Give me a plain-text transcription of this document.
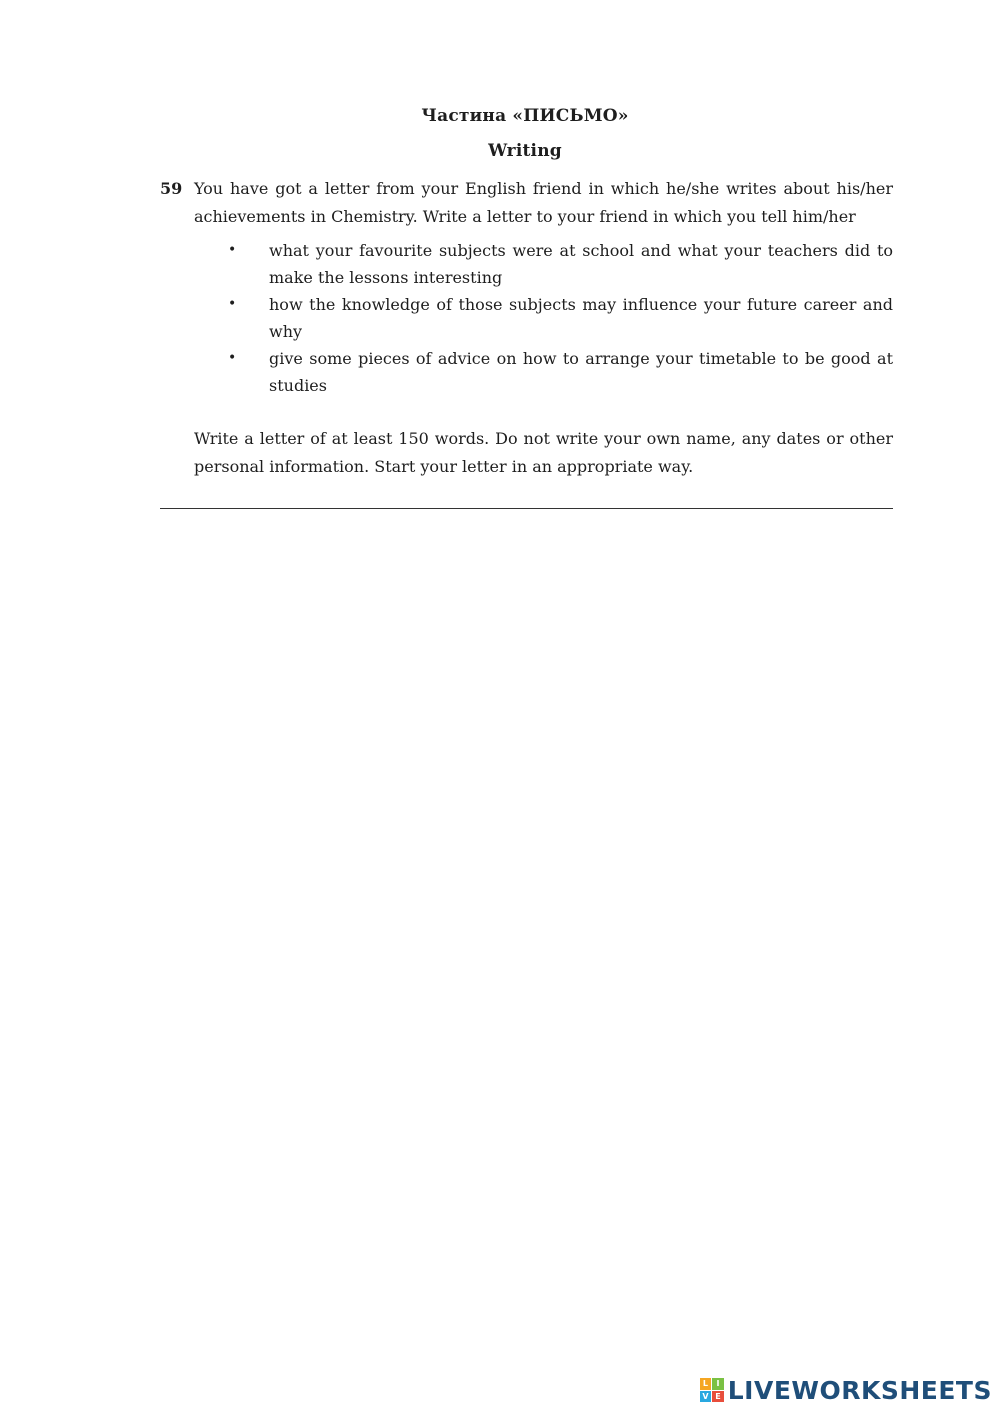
Частина «ПИСЬМО»
Writing
59 You have got a letter from your English friend in which he/she writes about his/her achievements in Chemistry. Write a letter to your friend in which you tell him/her
• what your favourite subjects were at school and what your teachers did to make the lessons interesting
• how the knowledge of those subjects may influence your future career and why
• give some pieces of advice on how to arrange your timetable to be good at studies
Write a letter of at least 150 words. Do not write your own name, any dates or other personal information. Start your letter in an appropriate way.
L	I
V E LIVEWORKSHEETS
